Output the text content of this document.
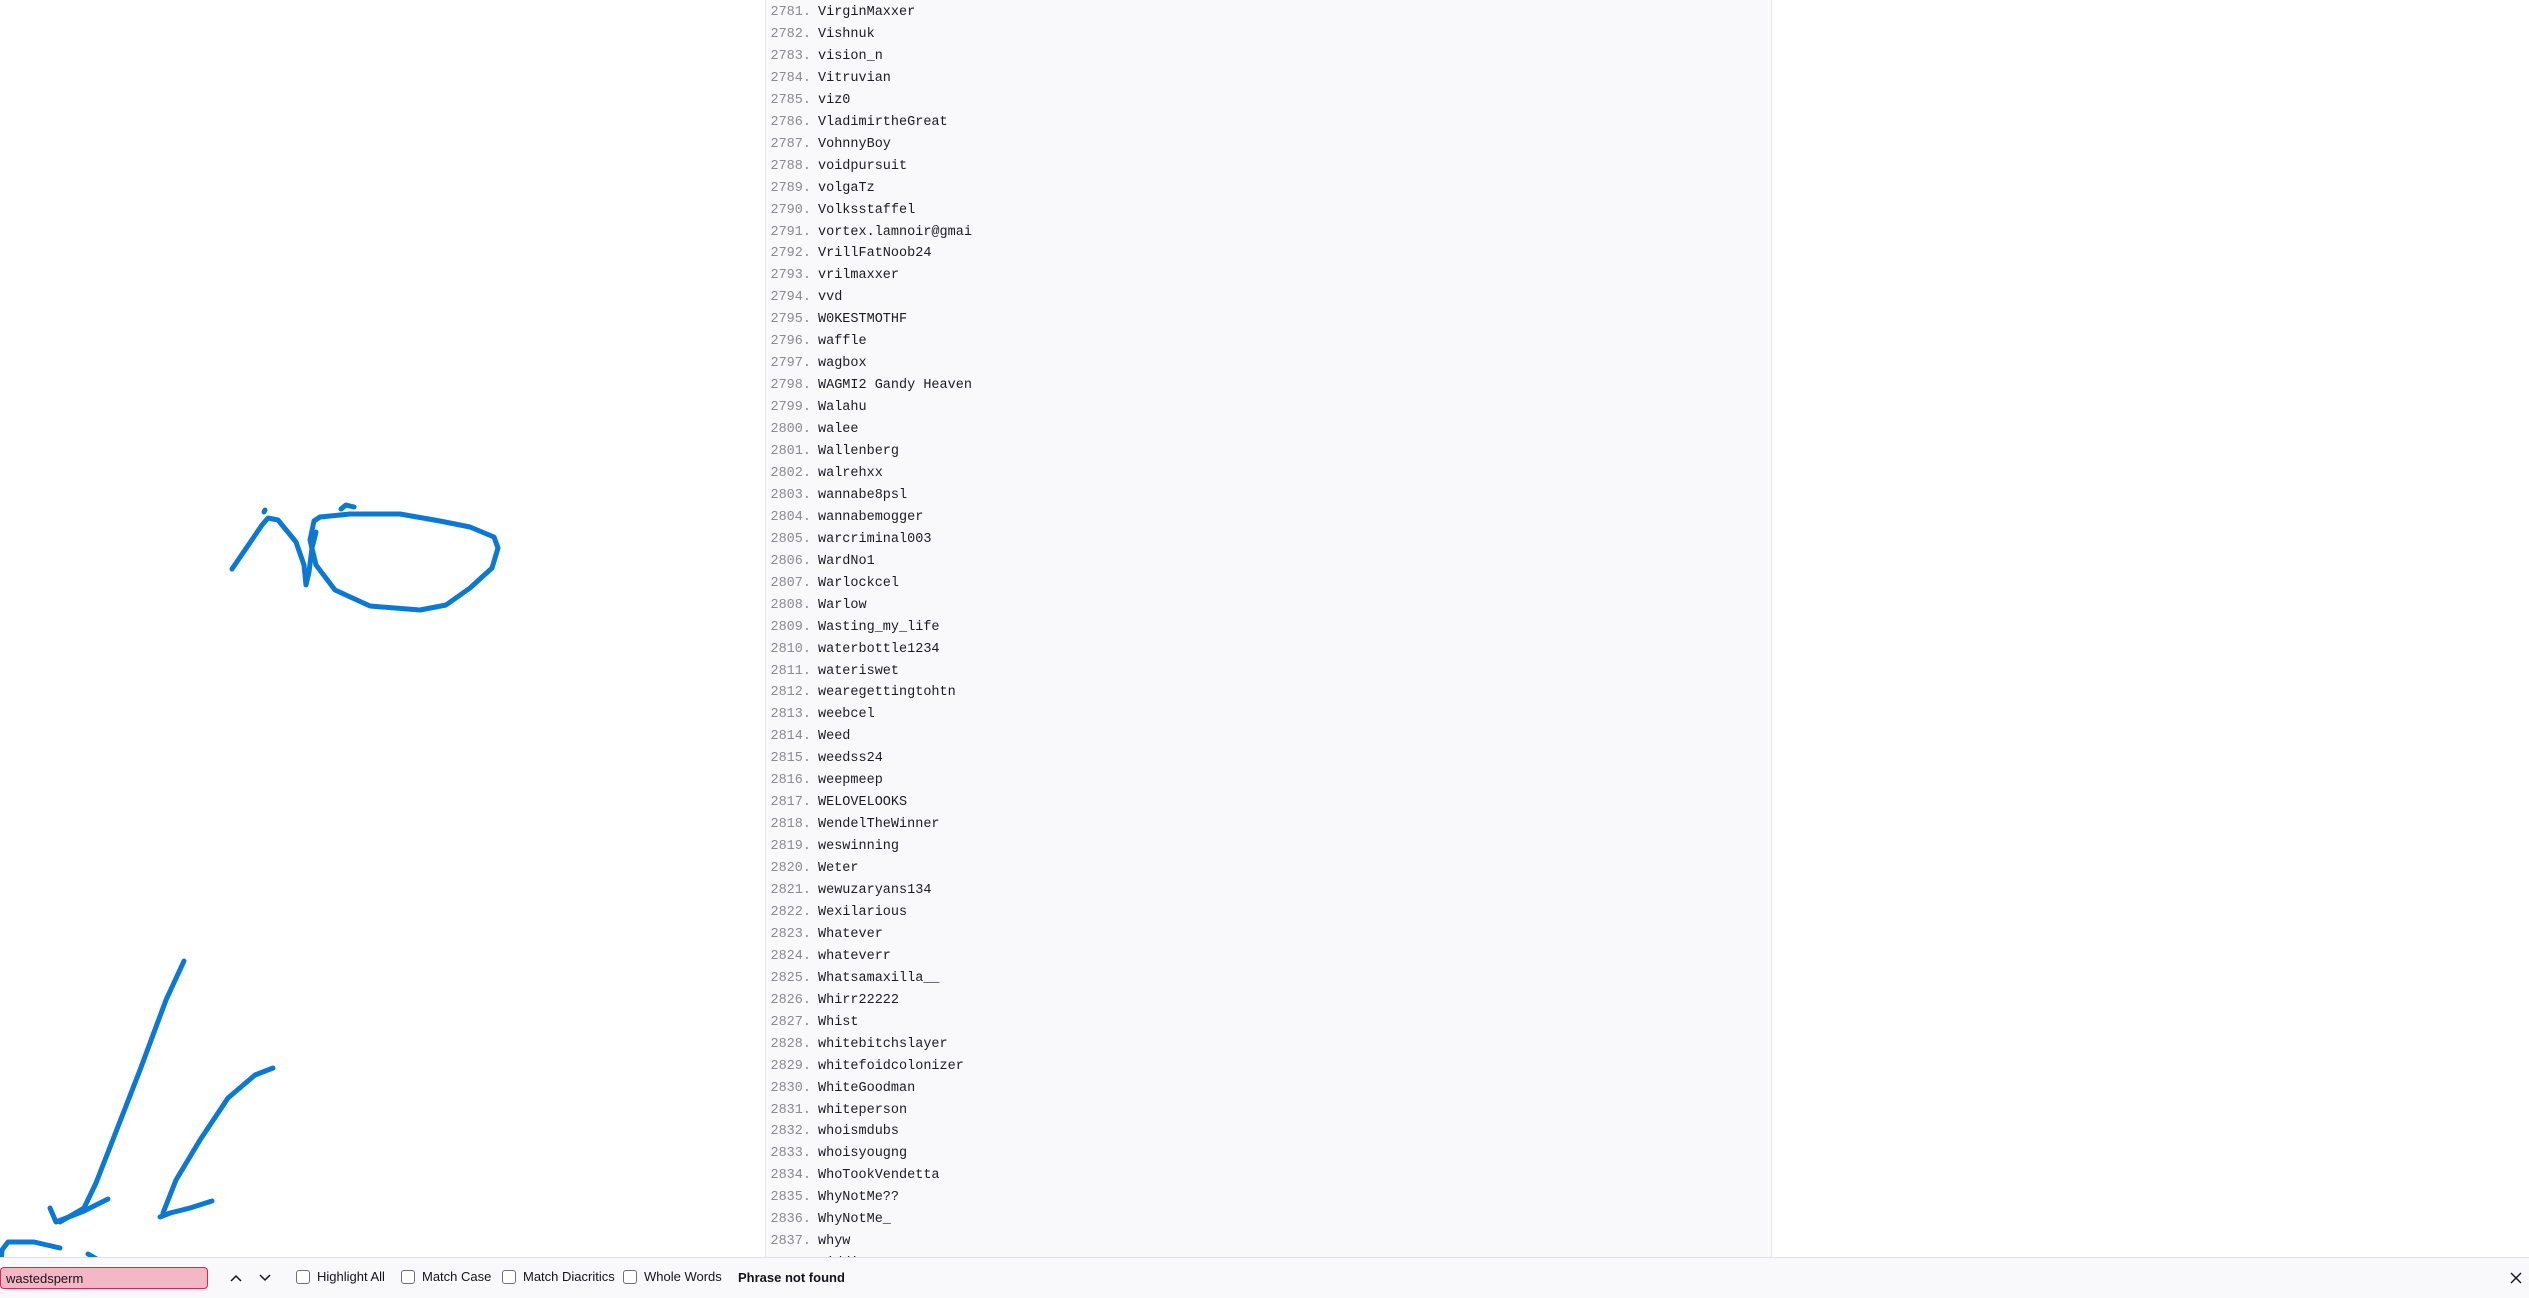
2781. VirginMaxxer
2782. Vishnuk
2783. vision_n
2784. Vitruvian
2785. viz0
2786. VladimirtheGreat
2787. VohnnyBoy
2788. voidpursuit
2789. volgaTz
2790. Volksstaffel
2791. vortex.lamnoir@gmai
2792. VrillFatNoob24
2793. vrilmaxxer
2794. vvd
2795. W0KESTMOTHF
2796. waffle
2797. wagbox
2798. WAGMI2 Gandy Heaven
2799. Walahu
2800. walee
2801. Wallenberg
2802. walrehxx
2803. wannabe8psl
2804. wannabemogger
2805. warcriminal003
2806. WardNo1
2807. Warlockcel
2808. Warlow
2809. Wasting_my_life
2810. waterbottle1234
2811. wateriswet
2812. wearegettingtohtn
2813. weebcel
2814. Weed
2815. weedss24
2816. weepmeep
2817. WELOVELOOKS
2818. WendelTheWinner
2819. weswinning
2820. Weter
2821. wewuzaryans134
2822. Wexilarious
2823. Whatever
2824. whateverr
2825. Whatsamaxilla__
2826. Whirr22222
2827. Whist
2828. whitebitchslayer
2829. whitefoidcolonizer
2830. WhiteGoodman
2831. whiteperson
2832. whoismdubs
2833. whoisyougng
2834. WhoTookVendetta
2835. WhyNotMe??
2836. WhyNotMe_
2837. whyw
wastedsperm
Highlight All	Match Case Match Diacritics Whole Words Phrase not found
